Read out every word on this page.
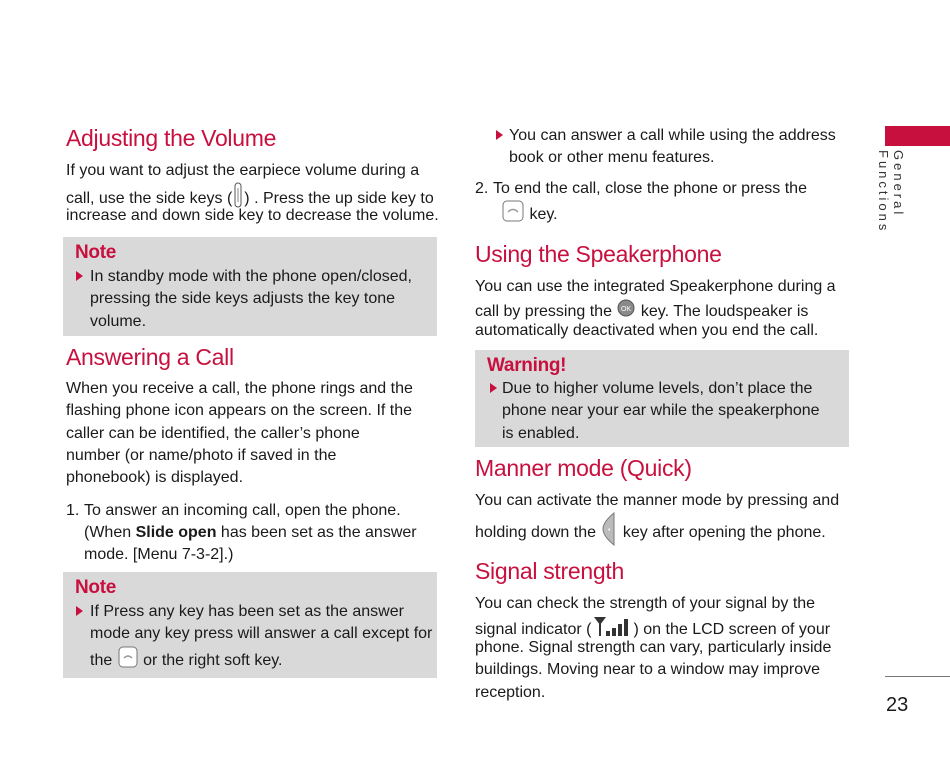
Adjusting the Volume

If you want to adjust the earpiece volume during a

call, use the side keys ( ) . Press the up side key to

increase and down side key to decrease the volume.

Note
In standby mode with the phone open/closed, pressing the side keys adjusts the key tone volume.
Answering a Call

When you receive a call, the phone rings and the flashing phone icon appears on the screen. If the caller can be identified, the caller’s phone number (or name/photo if saved in the phonebook) is displayed.

1. To answer an incoming call, open the phone.
(When Slide open has been set as the answer
mode. [Menu 7-3-2].)
Note
If Press any key has been set as the answer
mode any key press will answer a call except for
the or the right soft key.

You can answer a call while using the address

book or other menu features.

2. To end the call, close the phone or press the
key.
Using the Speakerphone

You can use the integrated Speakerphone during a

call by pressing the OK key. The loudspeaker is

automatically deactivated when you end the call.

Warning!
Due to higher volume levels, don’t place the phone near your ear while the speakerphone is enabled.
Manner mode (Quick)

You can activate the manner mode by pressing and

holding down the • key after opening the phone.

Signal strength

You can check the strength of your signal by the

signal indicator (	) on the LCD screen of your

phone. Signal strength can vary, particularly inside buildings. Moving near to a window may improve reception.

General Functions
23
